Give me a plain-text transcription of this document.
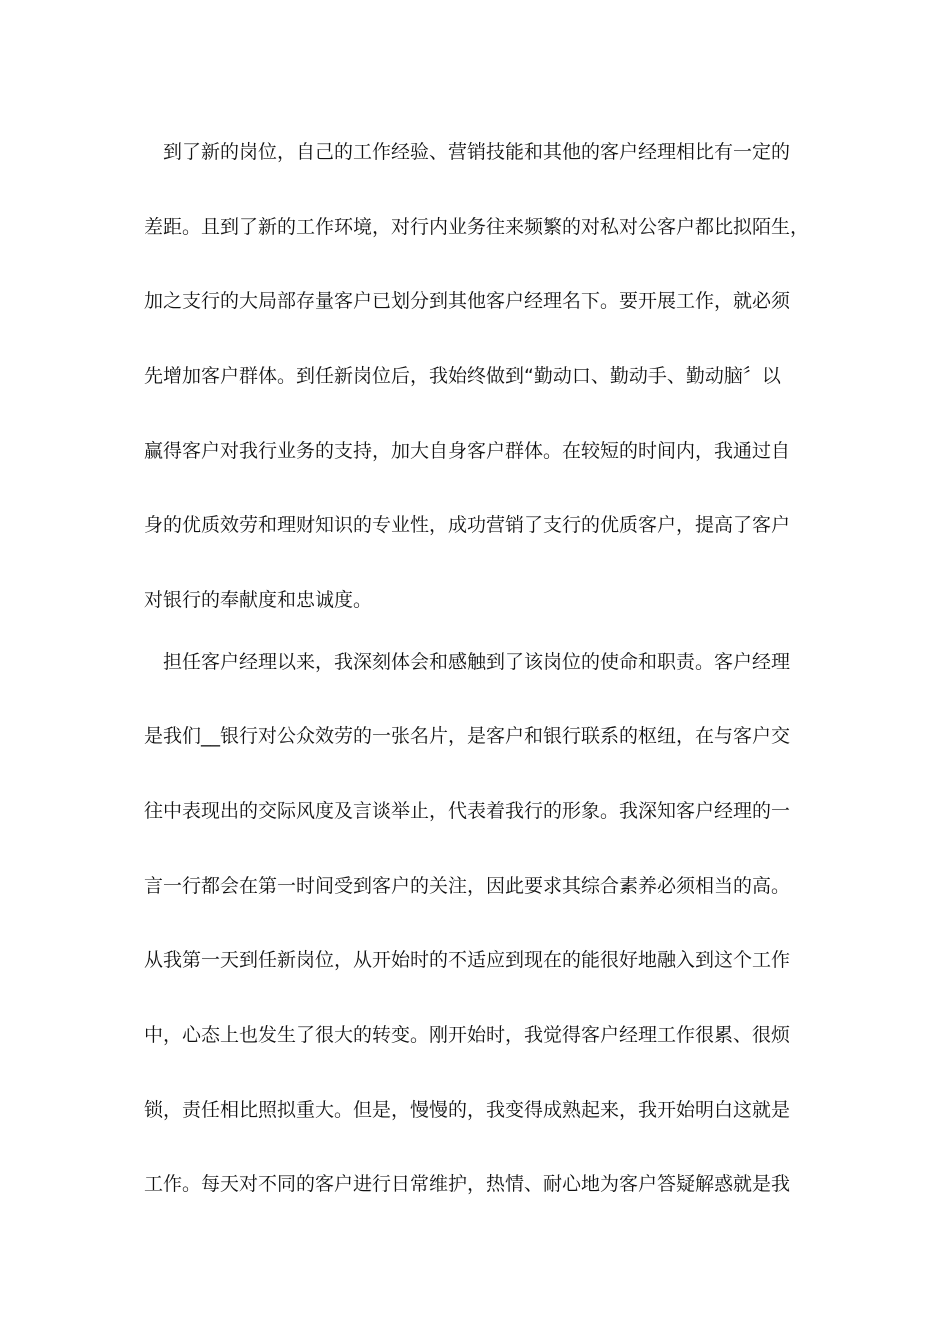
到了新的岗位，自己的工作经验、营销技能和其他的客户经理相比有一定的
差距。且到了新的工作环境，对行内业务往来频繁的对私对公客户都比拟陌生，
加之支行的大局部存量客户已划分到其他客户经理名下。要开展工作，就必须
先增加客户群体。到任新岗位后，我始终做到“勤动口、勤动手、勤动脑〞以
赢得客户对我行业务的支持，加大自身客户群体。在较短的时间内，我通过自
身的优质效劳和理财知识的专业性，成功营销了支行的优质客户，提高了客户
对银行的奉献度和忠诚度。
担任客户经理以来，我深刻体会和感触到了该岗位的使命和职责。客户经理
是我们__银行对公众效劳的一张名片，是客户和银行联系的枢纽，在与客户交
往中表现出的交际风度及言谈举止，代表着我行的形象。我深知客户经理的一
言一行都会在第一时间受到客户的关注，因此要求其综合素养必须相当的高。
从我第一天到任新岗位，从开始时的不适应到现在的能很好地融入到这个工作
中，心态上也发生了很大的转变。刚开始时，我觉得客户经理工作很累、很烦
锁，责任相比照拟重大。但是，慢慢的，我变得成熟起来，我开始明白这就是
工作。每天对不同的客户进行日常维护，热情、耐心地为客户答疑解惑就是我
